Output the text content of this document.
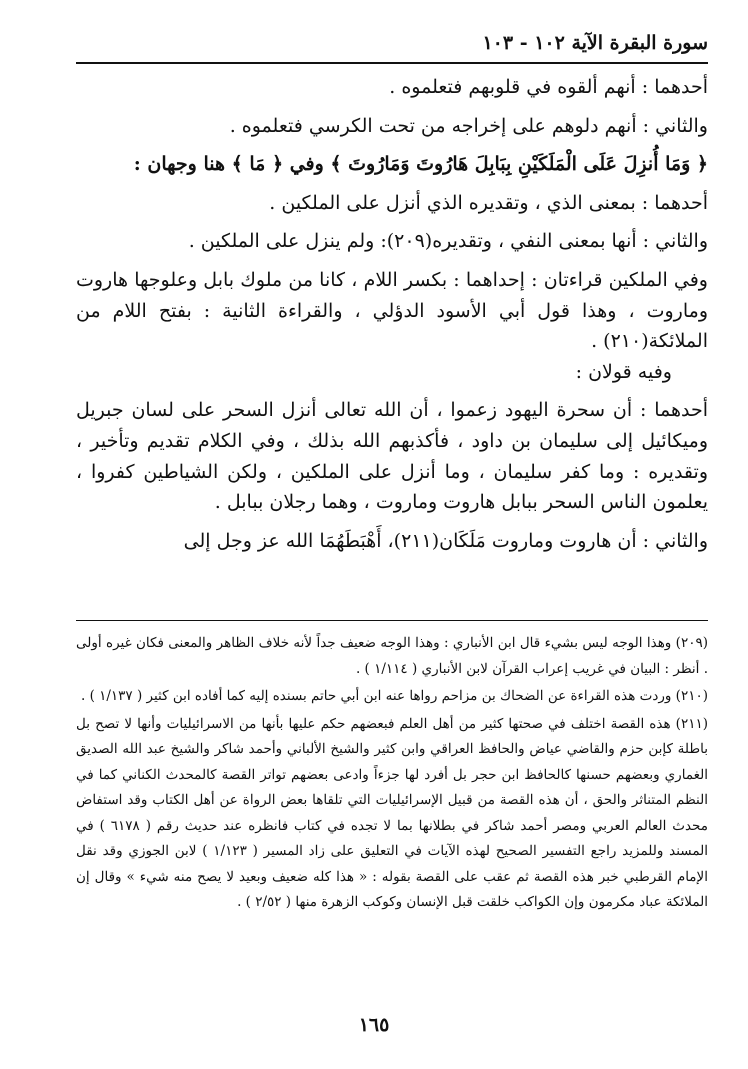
سورة البقرة الآية ١٠٢ - ١٠٣

أحدهما : أنهم ألقوه في قلوبهم فتعلموه .

والثاني : أنهم دلوهم على إخراجه من تحت الكرسي فتعلموه .

﴿ وَمَا أُنزِلَ عَلَى الْمَلَكَيْنِ بِبَابِلَ هَارُوتَ وَمَارُوتَ ﴾ وفي ﴿ مَا ﴾ هنا وجهان :

أحدهما : بمعنى الذي ، وتقديره الذي أنزل على الملكين .

والثاني : أنها بمعنى النفي ، وتقديره(٢٠٩): ولم ينزل على الملكين .

وفي الملكين قراءتان : إحداهما : بكسر اللام ، كانا من ملوك بابل وعلوجها هاروت وماروت ، وهذا قول أبي الأسود الدؤلي ، والقراءة الثانية : بفتح اللام من الملائكة(٢١٠) .

وفيه قولان :

أحدهما : أن سحرة اليهود زعموا ، أن الله تعالى أنزل السحر على لسان جبريل وميكائيل إلى سليمان بن داود ، فأكذبهم الله بذلك ، وفي الكلام تقديم وتأخير ، وتقديره : وما كفر سليمان ، وما أنزل على الملكين ، ولكن الشياطين كفروا ، يعلمون الناس السحر ببابل هاروت وماروت ، وهما رجلان ببابل .

والثاني : أن هاروت وماروت مَلَكَان(٢١١)، أَهْبَطَهُمَا الله عز وجل إلى

(٢٠٩) وهذا الوجه ليس بشيء قال ابن الأنباري : وهذا الوجه ضعيف جداً لأنه خلاف الظاهر والمعنى فكان غيره أولى . أنظر : البيان في غريب إعراب القرآن لابن الأنباري ( ١/١١٤ ) .

(٢١٠) وردت هذه القراءة عن الضحاك بن مزاحم رواها عنه ابن أبي حاتم بسنده إليه كما أفاده ابن كثير ( ١/١٣٧ ) .

(٢١١) هذه القصة اختلف في صحتها كثير من أهل العلم فبعضهم حكم عليها بأنها من الاسرائيليات وأنها لا تصح بل باطلة كإبن حزم والقاضي عياض والحافظ العراقي وابن كثير والشيخ الألباني وأحمد شاكر والشيخ عبد الله الصديق الغماري وبعضهم حسنها كالحافظ ابن حجر بل أفرد لها جزءاً وادعى بعضهم تواتر القصة كالمحدث الكناني كما في النظم المتناثر والحق ، أن هذه القصة من قبيل الإسرائيليات التي تلقاها بعض الرواة عن أهل الكتاب وقد استفاض محدث العالم العربي ومصر أحمد شاكر في بطلانها بما لا تجده في كتاب فانظره عند حديث رقم ( ٦١٧٨ ) في المسند وللمزيد راجع التفسير الصحيح لهذه الآيات في التعليق على زاد المسير ( ١/١٢٣ ) لابن الجوزي وقد نقل الإمام القرطبي خبر هذه القصة ثم عقب على القصة بقوله : « هذا كله ضعيف وبعيد لا يصح منه شيء » وقال إن الملائكة عباد مكرمون وإن الكواكب خلقت قبل الإنسان وكوكب الزهرة منها ( ٢/٥٢ ) .

١٦٥
